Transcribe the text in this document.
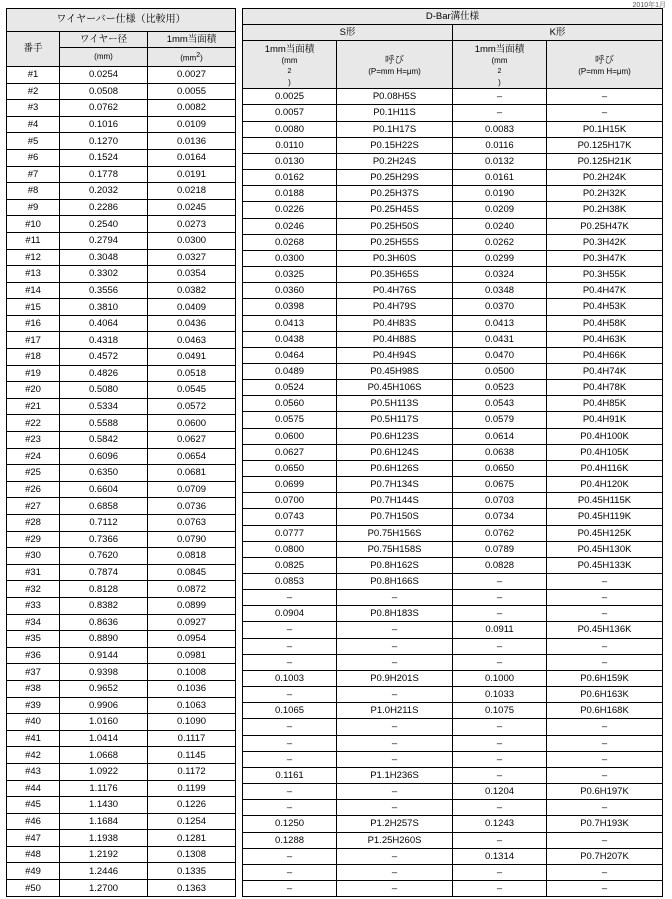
2010年1月
ワイヤーバー仕様（比較用）		
番手	ワイヤー径	1mm当面積
	(mm)	(mm2)
#1	0.0254	0.0027
#2	0.0508	0.0055
#3	0.0762	0.0082
#4	0.1016	0.0109
#5	0.1270	0.0136
#6	0.1524	0.0164
#7	0.1778	0.0191
#8	0.2032	0.0218
#9	0.2286	0.0245
#10	0.2540	0.0273
#11	0.2794	0.0300
#12	0.3048	0.0327
#13	0.3302	0.0354
#14	0.3556	0.0382
#15	0.3810	0.0409
#16	0.4064	0.0436
#17	0.4318	0.0463
#18	0.4572	0.0491
#19	0.4826	0.0518
#20	0.5080	0.0545
#21	0.5334	0.0572
#22	0.5588	0.0600
#23	0.5842	0.0627
#24	0.6096	0.0654
#25	0.6350	0.0681
#26	0.6604	0.0709
#27	0.6858	0.0736
#28	0.7112	0.0763
#29	0.7366	0.0790
#30	0.7620	0.0818
#31	0.7874	0.0845
#32	0.8128	0.0872
#33	0.8382	0.0899
#34	0.8636	0.0927
#35	0.8890	0.0954
#36	0.9144	0.0981
#37	0.9398	0.1008
#38	0.9652	0.1036
#39	0.9906	0.1063
#40	1.0160	0.1090
#41	1.0414	0.1117
#42	1.0668	0.1145
#43	1.0922	0.1172
#44	1.1176	0.1199
#45	1.1430	0.1226
#46	1.1684	0.1254
#47	1.1938	0.1281
#48	1.2192	0.1308
#49	1.2446	0.1335
#50	1.2700	0.1363
D-Bar溝仕様			
S形		K形	

1mm当面積
(mm
2
)	呼び
(P=mm H=μm)	1mm当面積
(mm
2
)	呼び
(P=mm H=μm)

0.0025	P0.08H5S	–	–
0.0057	P0.1H11S	–	–
0.0080	P0.1H17S	0.0083	P0.1H15K
0.0110	P0.15H22S	0.0116	P0.125H17K
0.0130	P0.2H24S	0.0132	P0.125H21K
0.0162	P0.25H29S	0.0161	P0.2H24K
0.0188	P0.25H37S	0.0190	P0.2H32K
0.0226	P0.25H45S	0.0209	P0.2H38K
0.0246	P0.25H50S	0.0240	P0.25H47K
0.0268	P0.25H55S	0.0262	P0.3H42K
0.0300	P0.3H60S	0.0299	P0.3H47K
0.0325	P0.35H65S	0.0324	P0.3H55K
0.0360	P0.4H76S	0.0348	P0.4H47K
0.0398	P0.4H79S	0.0370	P0.4H53K
0.0413	P0.4H83S	0.0413	P0.4H58K
0.0438	P0.4H88S	0.0431	P0.4H63K
0.0464	P0.4H94S	0.0470	P0.4H66K
0.0489	P0.45H98S	0.0500	P0.4H74K
0.0524	P0.45H106S	0.0523	P0.4H78K
0.0560	P0.5H113S	0.0543	P0.4H85K
0.0575	P0.5H117S	0.0579	P0.4H91K
0.0600	P0.6H123S	0.0614	P0.4H100K
0.0627	P0.6H124S	0.0638	P0.4H105K
0.0650	P0.6H126S	0.0650	P0.4H116K
0.0699	P0.7H134S	0.0675	P0.4H120K
0.0700	P0.7H144S	0.0703	P0.45H115K
0.0743	P0.7H150S	0.0734	P0.45H119K
0.0777	P0.75H156S	0.0762	P0.45H125K
0.0800	P0.75H158S	0.0789	P0.45H130K
0.0825	P0.8H162S	0.0828	P0.45H133K
0.0853	P0.8H166S	–	–
–	–	–	–
0.0904	P0.8H183S	–	–
–	–	0.0911	P0.45H136K
–	–	–	–
–	–	–	–
0.1003	P0.9H201S	0.1000	P0.6H159K
–	–	0.1033	P0.6H163K
0.1065	P1.0H211S	0.1075	P0.6H168K
–	–	–	–
–	–	–	–
–	–	–	–
0.1161	P1.1H236S	–	–
–	–	0.1204	P0.6H197K
–	–	–	–
0.1250	P1.2H257S	0.1243	P0.7H193K
0.1288	P1.25H260S	–	–
–	–	0.1314	P0.7H207K
–	–	–	–
–	–	–	–
